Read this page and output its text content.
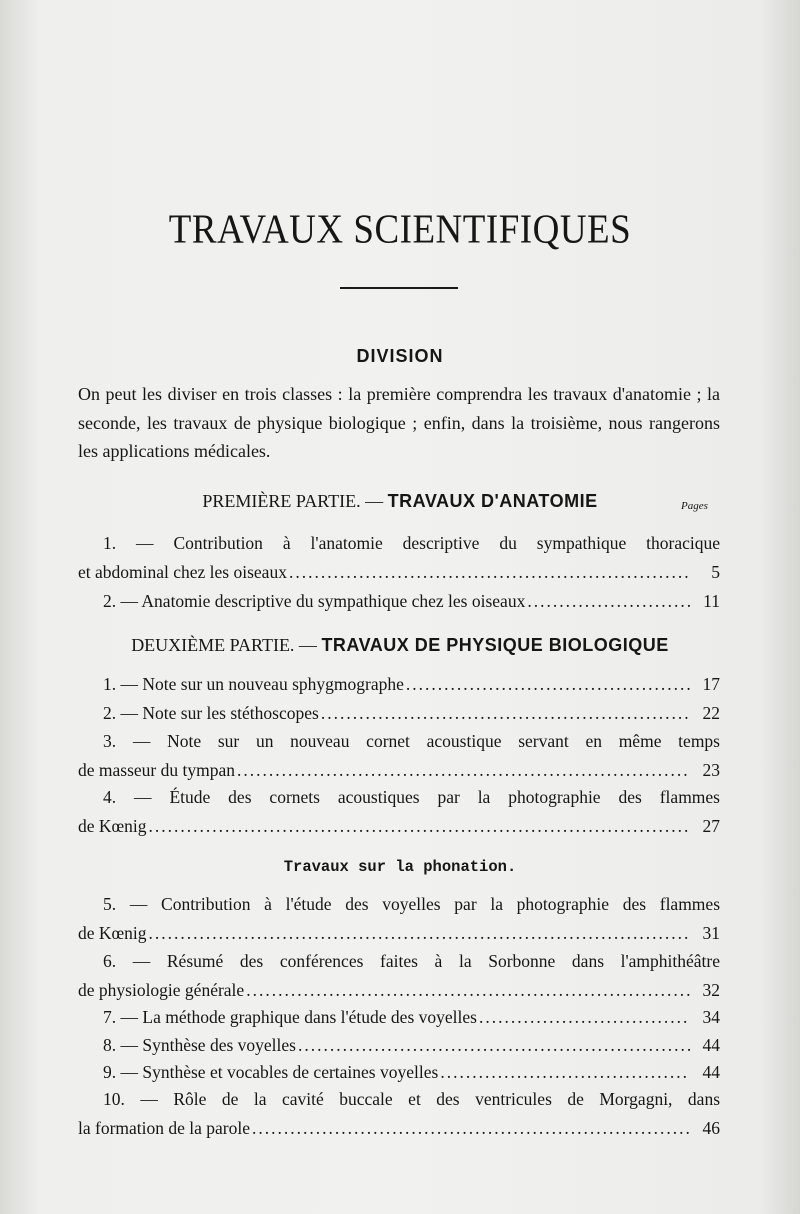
TRAVAUX SCIENTIFIQUES
DIVISION
On peut les diviser en trois classes : la première comprendra les travaux d'anatomie ; la seconde, les travaux de physique biologique ; enfin, dans la troisième, nous rangerons les applications médicales.
PREMIÈRE PARTIE. — TRAVAUX D'ANATOMIE	Pages
1. — Contribution à l'anatomie descriptive du sympathique thoracique
et abdominal chez les oiseaux .....	5
2. — Anatomie descriptive du sympathique chez les oiseaux .....	11
DEUXIÈME PARTIE. — TRAVAUX DE PHYSIQUE BIOLOGIQUE
1. — Note sur un nouveau sphygmographe .....	17
2. — Note sur les stéthoscopes .....	22
3. — Note sur un nouveau cornet acoustique servant en même temps
de masseur du tympan .....	23
4. — Étude des cornets acoustiques par la photographie des flammes
de Kœnig .....	27
Travaux sur la phonation.
5. — Contribution à l'étude des voyelles par la photographie des flammes
de Kœnig .....	31
6. — Résumé des conférences faites à la Sorbonne dans l'amphithéâtre
de physiologie générale .....	32
7. — La méthode graphique dans l'étude des voyelles .....	34
8. — Synthèse des voyelles .....	44
9. — Synthèse et vocables de certaines voyelles .....	44
10. — Rôle de la cavité buccale et des ventricules de Morgagni, dans
la formation de la parole .....	46
